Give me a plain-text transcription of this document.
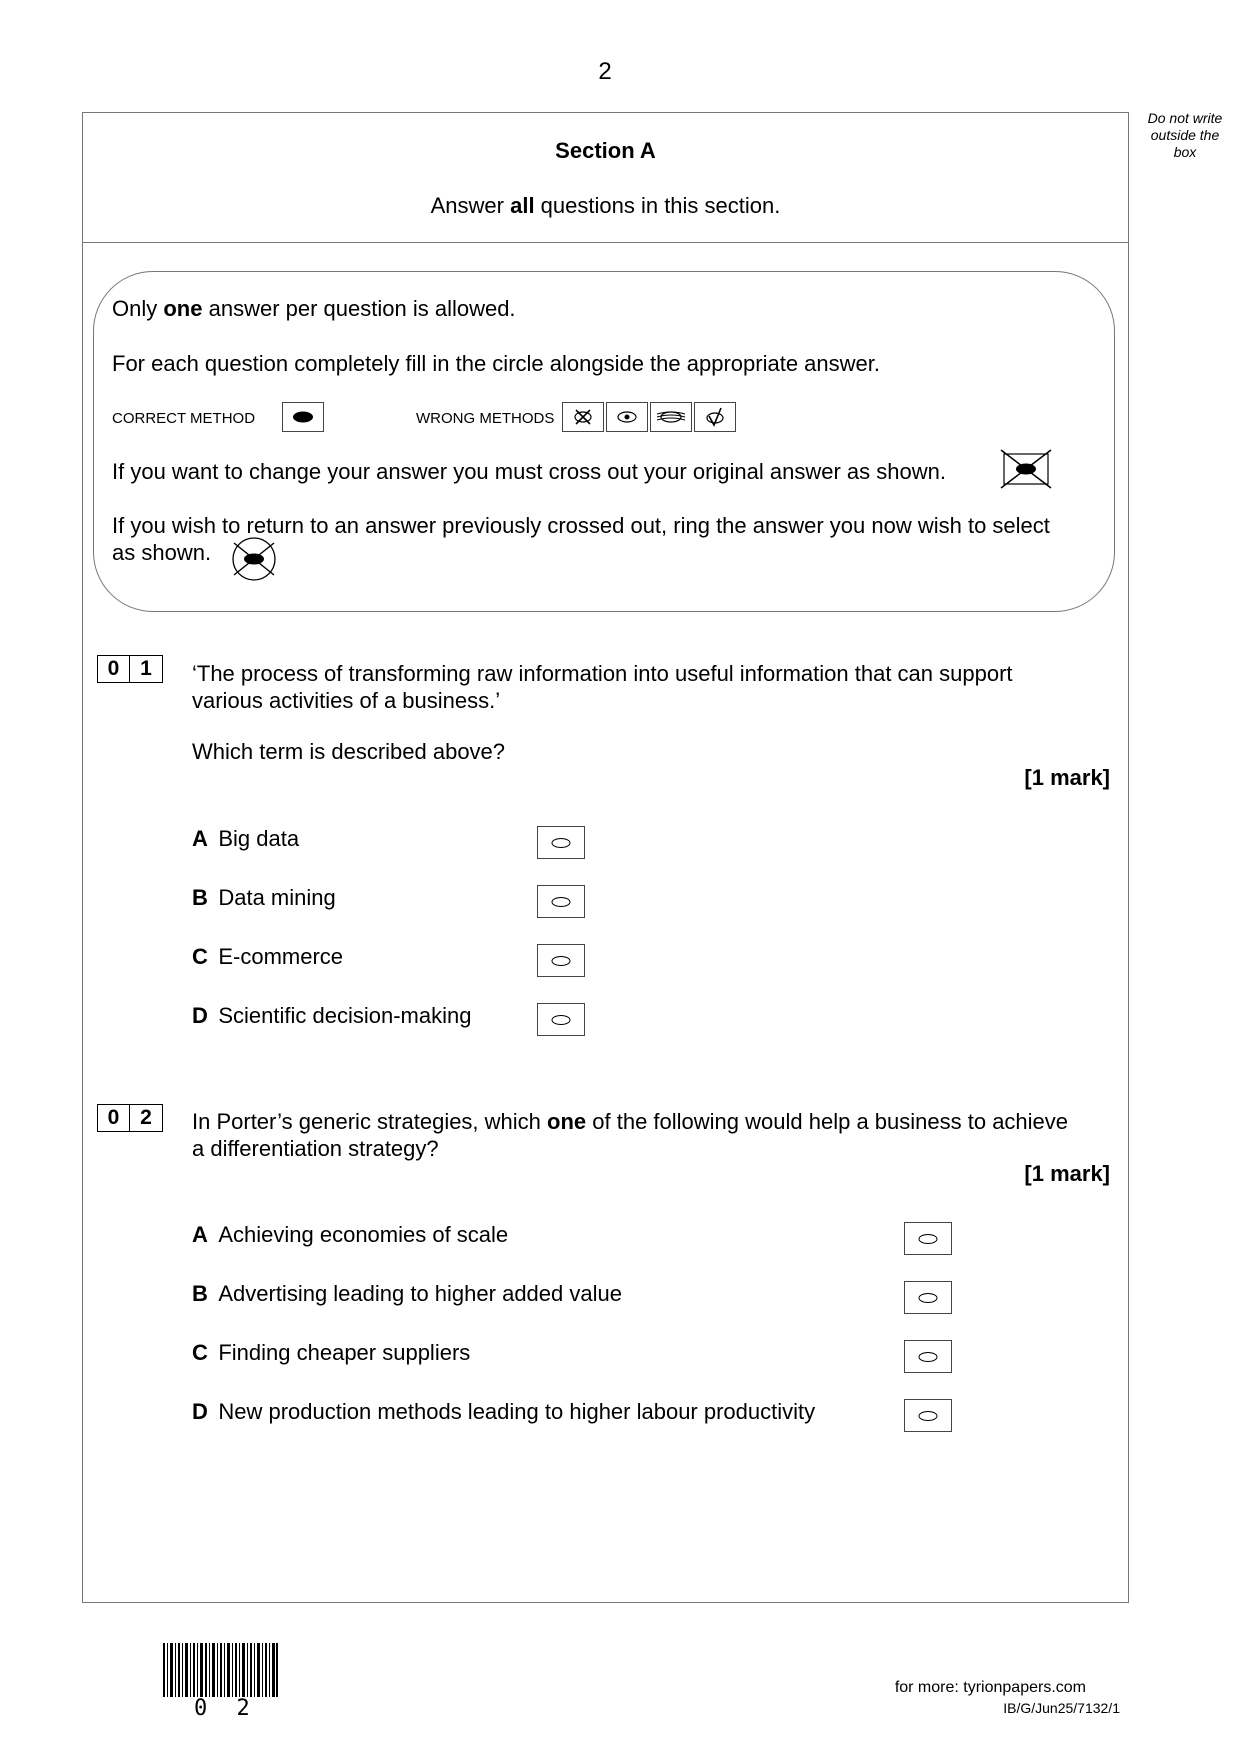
2
Do not write
outside the
box
Section A
Answer all questions in this section.
Only one answer per question is allowed.
For each question completely fill in the circle alongside the appropriate answer.
CORRECT METHOD	WRONG METHODS
If you want to change your answer you must cross out your original answer as shown.
If you wish to return to an answer previously crossed out, ring the answer you now wish to select
as shown.
0 1	‘The process of transforming raw information into useful information that can support
various activities of a business.’
Which term is described above?
[1 mark]
A Big data
B Data mining
C E-commerce
D Scientific decision-making
0 2	In Porter’s generic strategies, which one of the following would help a business to achieve
a differentiation strategy?
[1 mark]
A Achieving economies of scale
B Advertising leading to higher added value
C Finding cheaper suppliers
D New production methods leading to higher labour productivity
0 2
for more: tyrionpapers.com
IB/G/Jun25/7132/1
